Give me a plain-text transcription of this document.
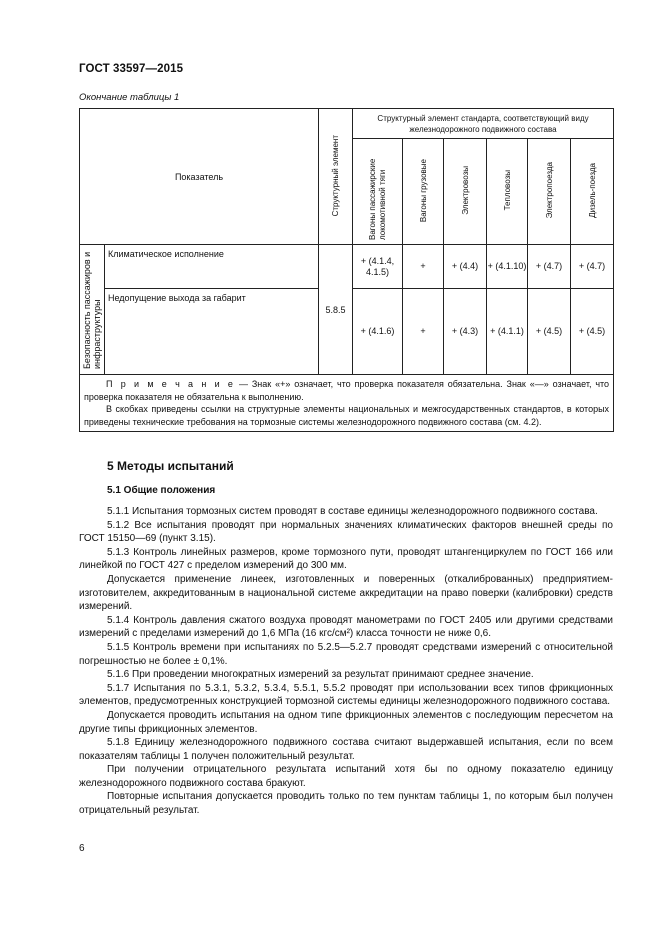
ГОСТ 33597—2015
Окончание таблицы 1
Показатель		Структурный элемент	Структурный элемент стандарта, соответствующий виду железнодорожного подвижного состава					
			Вагоны пассажирские локомотивной тяги	Вагоны грузовые	Электровозы	Тепловозы	Электропоезда	Дизель-поезда
Безопасность пассажиров и инфраструктуры	Климатическое исполнение	5.8.5	+ (4.1.4, 4.1.5)	+	+ (4.4)	+ (4.1.10)	+ (4.7)	+ (4.7)
	Недопущение выхода за габарит		+ (4.1.6)	+	+ (4.3)	+ (4.1.1)	+ (4.5)	+ (4.5)

П р и м е ч а н и е — Знак «+» означает, что проверка показателя обязательна. Знак «—» означает, что проверка показателя не обязательна к выполнению.
В скобках приведены ссылки на структурные элементы национальных и межгосударственных стандартов, в которых приведены технические требования на тормозные системы железнодорожного подвижного состава (см. 4.2).								
5 Методы испытаний
5.1 Общие положения

5.1.1 Испытания тормозных систем проводят в составе единицы железнодорожного подвижного состава.

5.1.2 Все испытания проводят при нормальных значениях климатических факторов внешней среды по ГОСТ 15150—69 (пункт 3.15).

5.1.3 Контроль линейных размеров, кроме тормозного пути, проводят штангенциркулем по ГОСТ 166 или линейкой по ГОСТ 427 с пределом измерений до 300 мм.

Допускается применение линеек, изготовленных и поверенных (откалиброванных) предприятием-изготовителем, аккредитованным в национальной системе аккредитации на право поверки (калибровки) средств измерений.

5.1.4 Контроль давления сжатого воздуха проводят манометрами по ГОСТ 2405 или другими средствами измерений с пределами измерений до 1,6 МПа (16 кгс/см²) класса точности не ниже 0,6.

5.1.5 Контроль времени при испытаниях по 5.2.5—5.2.7 проводят средствами измерений с относительной погрешностью не более ± 0,1%.

5.1.6 При проведении многократных измерений за результат принимают среднее значение.

5.1.7 Испытания по 5.3.1, 5.3.2, 5.3.4, 5.5.1, 5.5.2 проводят при использовании всех типов фрикционных элементов, предусмотренных конструкцией тормозной системы единицы железнодорожного подвижного состава.

Допускается проводить испытания на одном типе фрикционных элементов с последующим пересчетом на другие типы фрикционных элементов.

5.1.8 Единицу железнодорожного подвижного состава считают выдержавшей испытания, если по всем показателям таблицы 1 получен положительный результат.

При получении отрицательного результата испытаний хотя бы по одному показателю единицу железнодорожного подвижного состава бракуют.

Повторные испытания допускается проводить только по тем пунктам таблицы 1, по которым был получен отрицательный результат.

6
